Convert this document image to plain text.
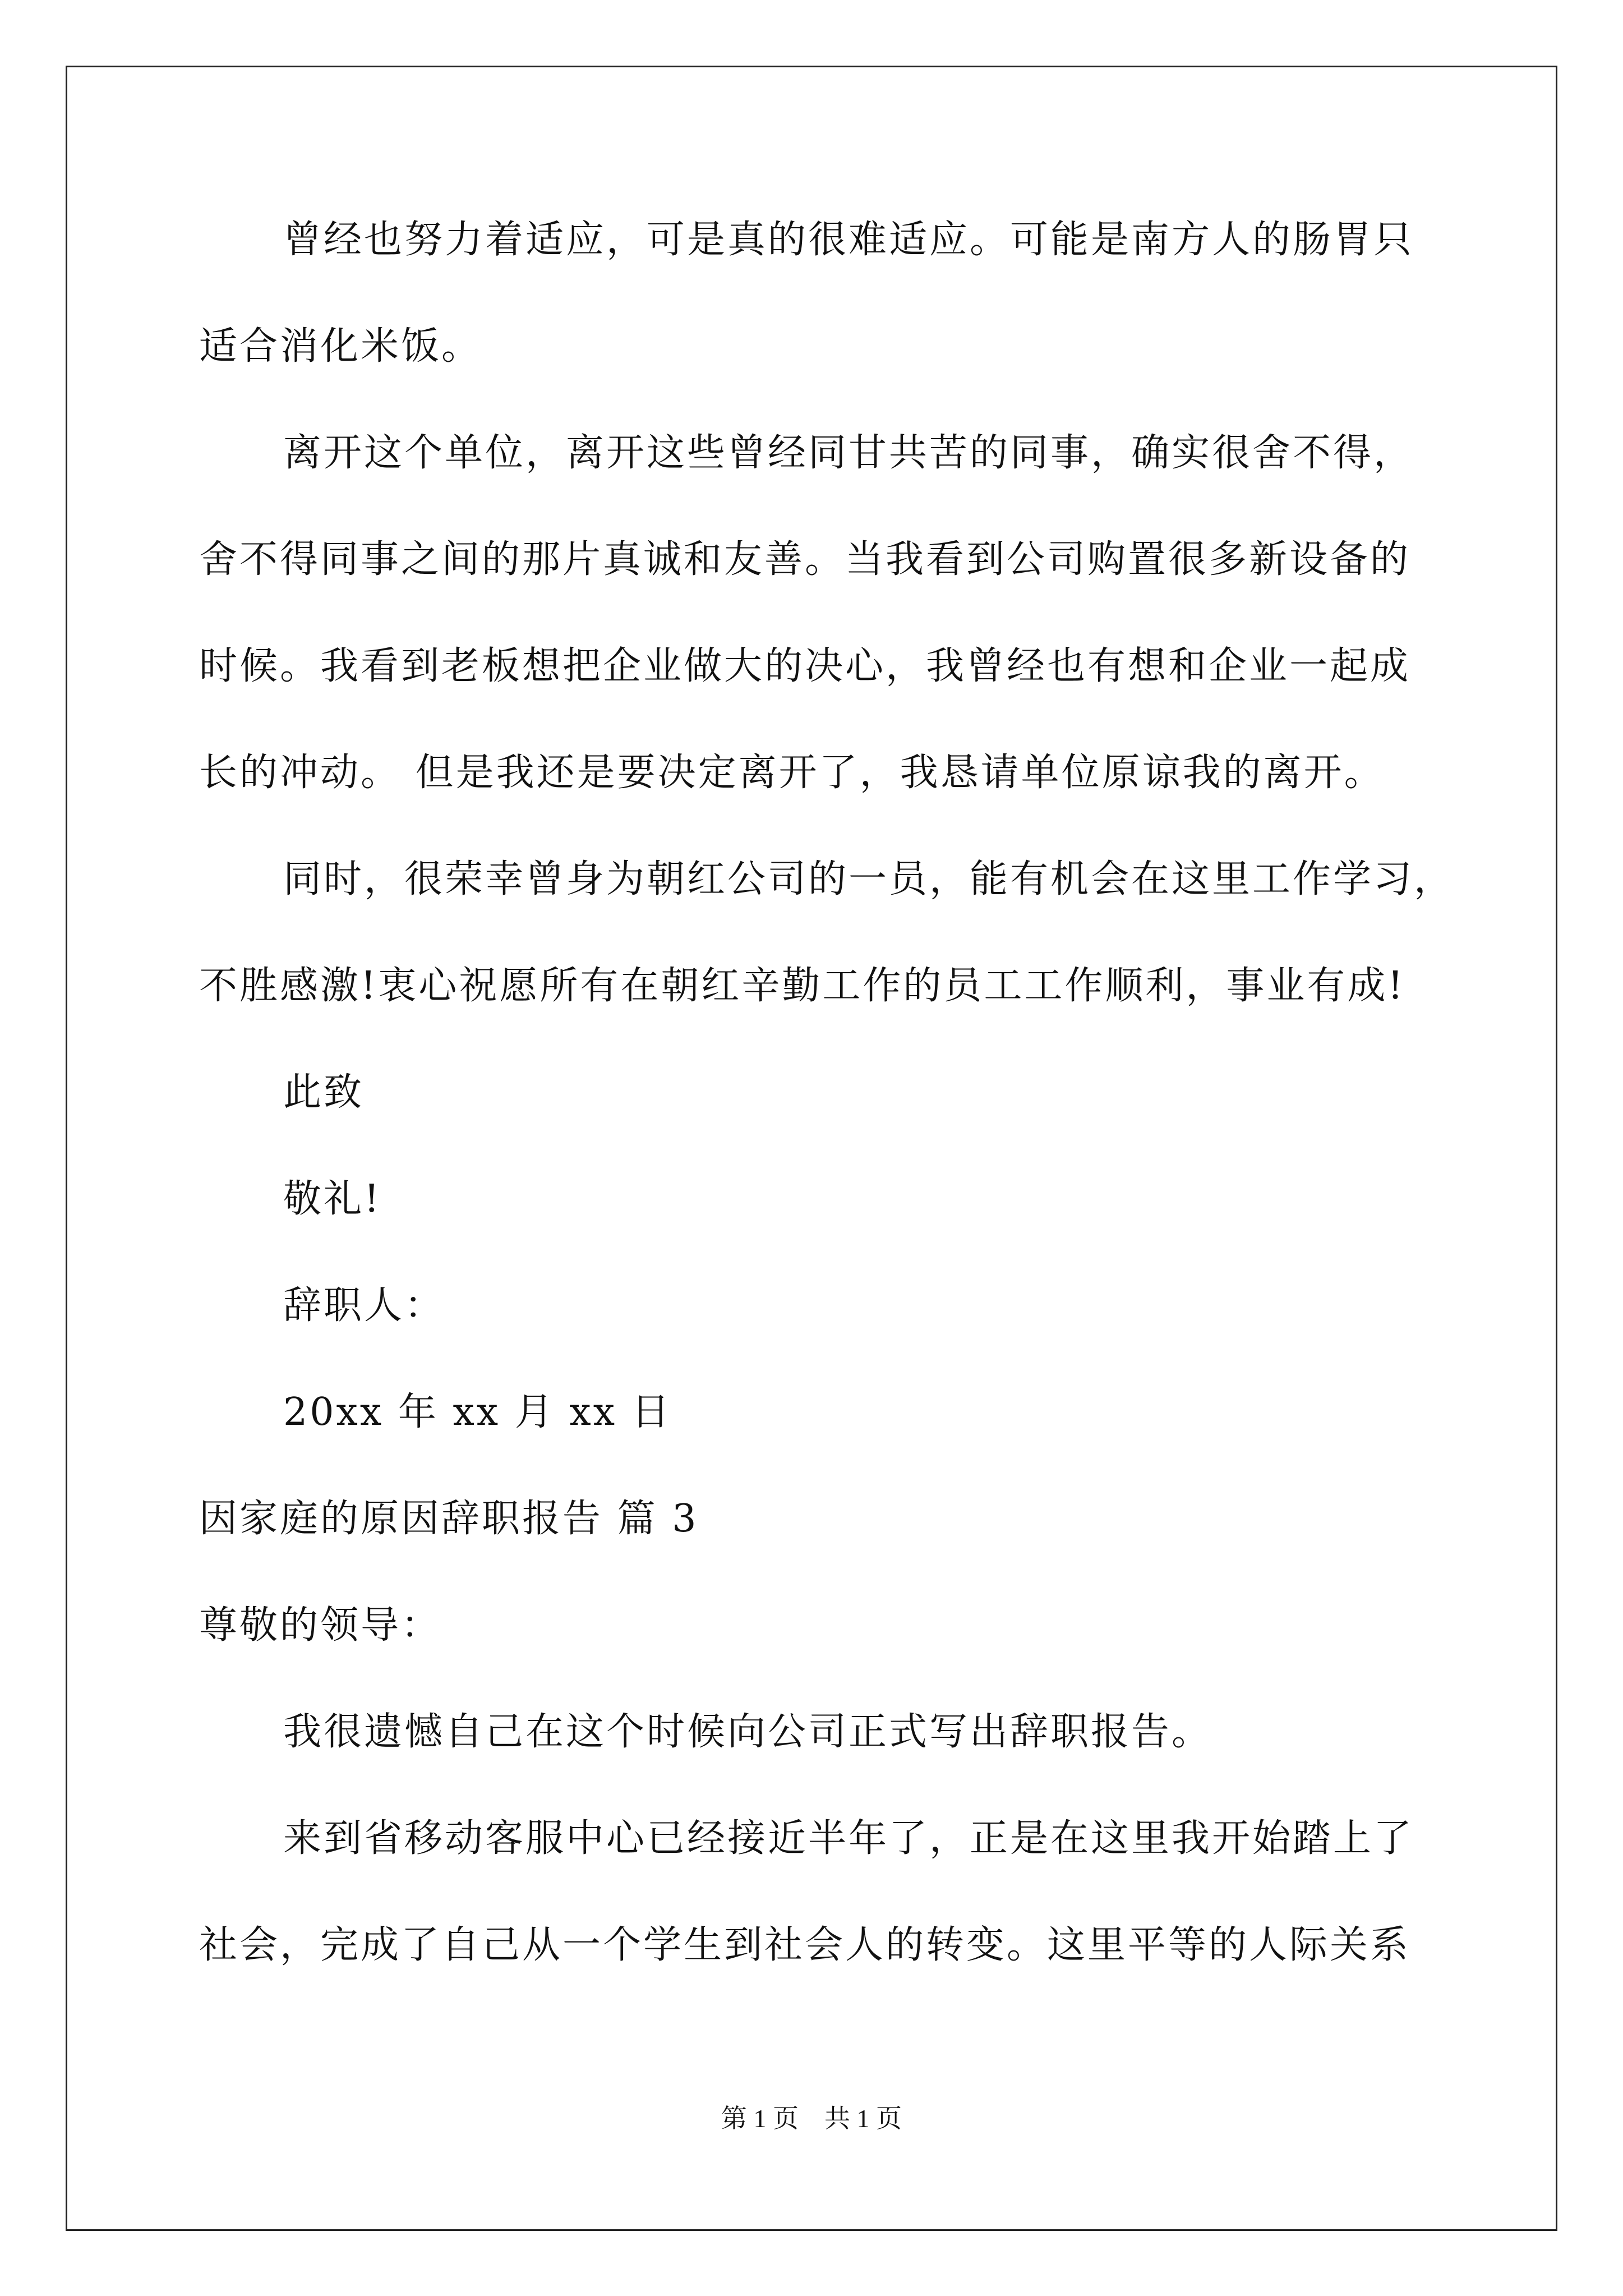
曾经也努力着适应，可是真的很难适应。可能是南方人的肠胃只
适合消化米饭。
离开这个单位，离开这些曾经同甘共苦的同事，确实很舍不得，
舍不得同事之间的那片真诚和友善。当我看到公司购置很多新设备的
时候。我看到老板想把企业做大的决心，我曾经也有想和企业一起成
长的冲动。 但是我还是要决定离开了，我恳请单位原谅我的离开。
同时，很荣幸曾身为朝红公司的一员，能有机会在这里工作学习，
不胜感激!衷心祝愿所有在朝红辛勤工作的员工工作顺利，事业有成!
此致
敬礼!
辞职人：
20xx 年 xx 月 xx 日
因家庭的原因辞职报告 篇 3
尊敬的领导：
我很遗憾自己在这个时候向公司正式写出辞职报告。
来到省移动客服中心已经接近半年了，正是在这里我开始踏上了
社会，完成了自己从一个学生到社会人的转变。这里平等的人际关系
第 1 页　共 1 页
